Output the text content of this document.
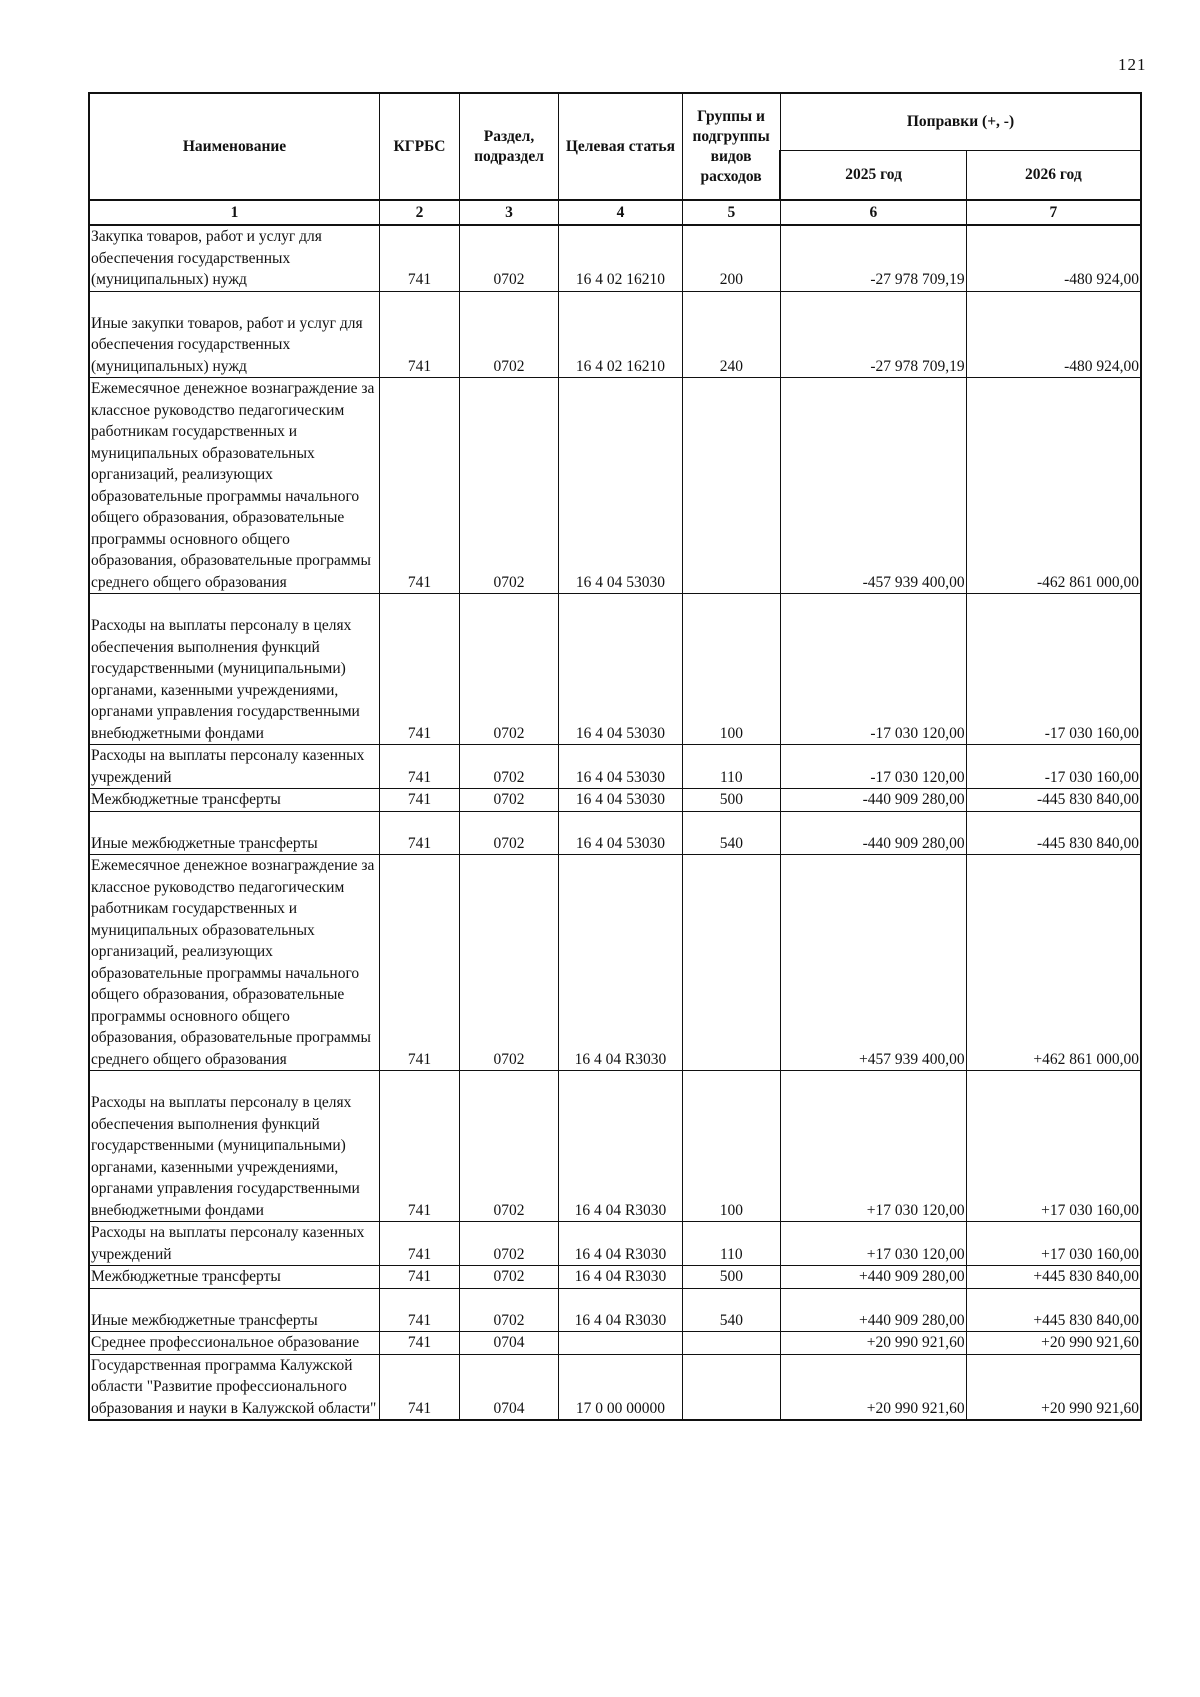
121
Наименование	КГРБС	Раздел, подраздел	Целевая статья	Группы и подгруппы видов расходов	Поправки (+, -)	
					2025 год	2026 год
1	2	3	4	5	6	7
Закупка товаров, работ и услуг для обеспечения государственных (муниципальных) нужд	741	0702	16 4 02 16210	200	-27 978 709,19	-480 924,00

Иные закупки товаров, работ и услуг для обеспечения государственных (муниципальных) нужд	741	0702	16 4 02 16210	240	-27 978 709,19	-480 924,00
Ежемесячное денежное вознаграждение за классное руководство педагогическим работникам государственных и муниципальных образовательных организаций, реализующих образовательные программы начального общего образования, образовательные программы основного общего образования, образовательные программы среднего общего образования	741	0702	16 4 04 53030		-457 939 400,00	-462 861 000,00

Расходы на выплаты персоналу в целях обеспечения выполнения функций государственными (муниципальными) органами, казенными учреждениями, органами управления государственными внебюджетными фондами	741	0702	16 4 04 53030	100	-17 030 120,00	-17 030 160,00
Расходы на выплаты персоналу казенных учреждений	741	0702	16 4 04 53030	110	-17 030 120,00	-17 030 160,00
Межбюджетные трансферты	741	0702	16 4 04 53030	500	-440 909 280,00	-445 830 840,00

Иные межбюджетные трансферты	741	0702	16 4 04 53030	540	-440 909 280,00	-445 830 840,00
Ежемесячное денежное вознаграждение за классное руководство педагогическим работникам государственных и муниципальных образовательных организаций, реализующих образовательные программы начального общего образования, образовательные программы основного общего образования, образовательные программы среднего общего образования	741	0702	16 4 04 R3030		+457 939 400,00	+462 861 000,00

Расходы на выплаты персоналу в целях обеспечения выполнения функций государственными (муниципальными) органами, казенными учреждениями, органами управления государственными внебюджетными фондами	741	0702	16 4 04 R3030	100	+17 030 120,00	+17 030 160,00
Расходы на выплаты персоналу казенных учреждений	741	0702	16 4 04 R3030	110	+17 030 120,00	+17 030 160,00
Межбюджетные трансферты	741	0702	16 4 04 R3030	500	+440 909 280,00	+445 830 840,00

Иные межбюджетные трансферты	741	0702	16 4 04 R3030	540	+440 909 280,00	+445 830 840,00
Среднее профессиональное образование	741	0704			+20 990 921,60	+20 990 921,60
Государственная программа Калужской области "Развитие профессионального образования и науки в Калужской области"	741	0704	17 0 00 00000		+20 990 921,60	+20 990 921,60
